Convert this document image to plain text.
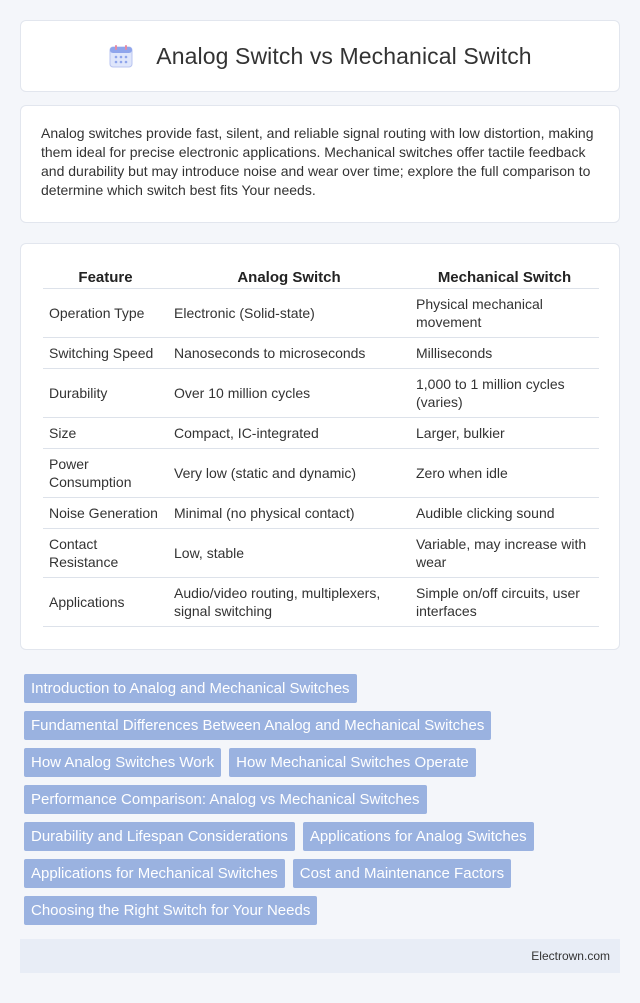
Analog Switch vs Mechanical Switch

Analog switches provide fast, silent, and reliable signal routing with low distortion, making them ideal for precise electronic applications. Mechanical switches offer tactile feedback and durability but may introduce noise and wear over time; explore the full comparison to determine which switch best fits Your needs.

Feature	Analog Switch	Mechanical Switch
Operation Type	Electronic (Solid-state)	Physical mechanical movement
Switching Speed	Nanoseconds to microseconds	Milliseconds
Durability	Over 10 million cycles	1,000 to 1 million cycles (varies)
Size	Compact, IC-integrated	Larger, bulkier
Power Consumption	Very low (static and dynamic)	Zero when idle
Noise Generation	Minimal (no physical contact)	Audible clicking sound
Contact Resistance	Low, stable	Variable, may increase with wear
Applications	Audio/video routing, multiplexers, signal switching	Simple on/off circuits, user interfaces
Introduction to Analog and Mechanical Switches
Fundamental Differences Between Analog and Mechanical Switches
How Analog Switches Work	How Mechanical Switches Operate
Performance Comparison: Analog vs Mechanical Switches
Durability and Lifespan Considerations	Applications for Analog Switches
Applications for Mechanical Switches	Cost and Maintenance Factors
Choosing the Right Switch for Your Needs
Electrown.com
